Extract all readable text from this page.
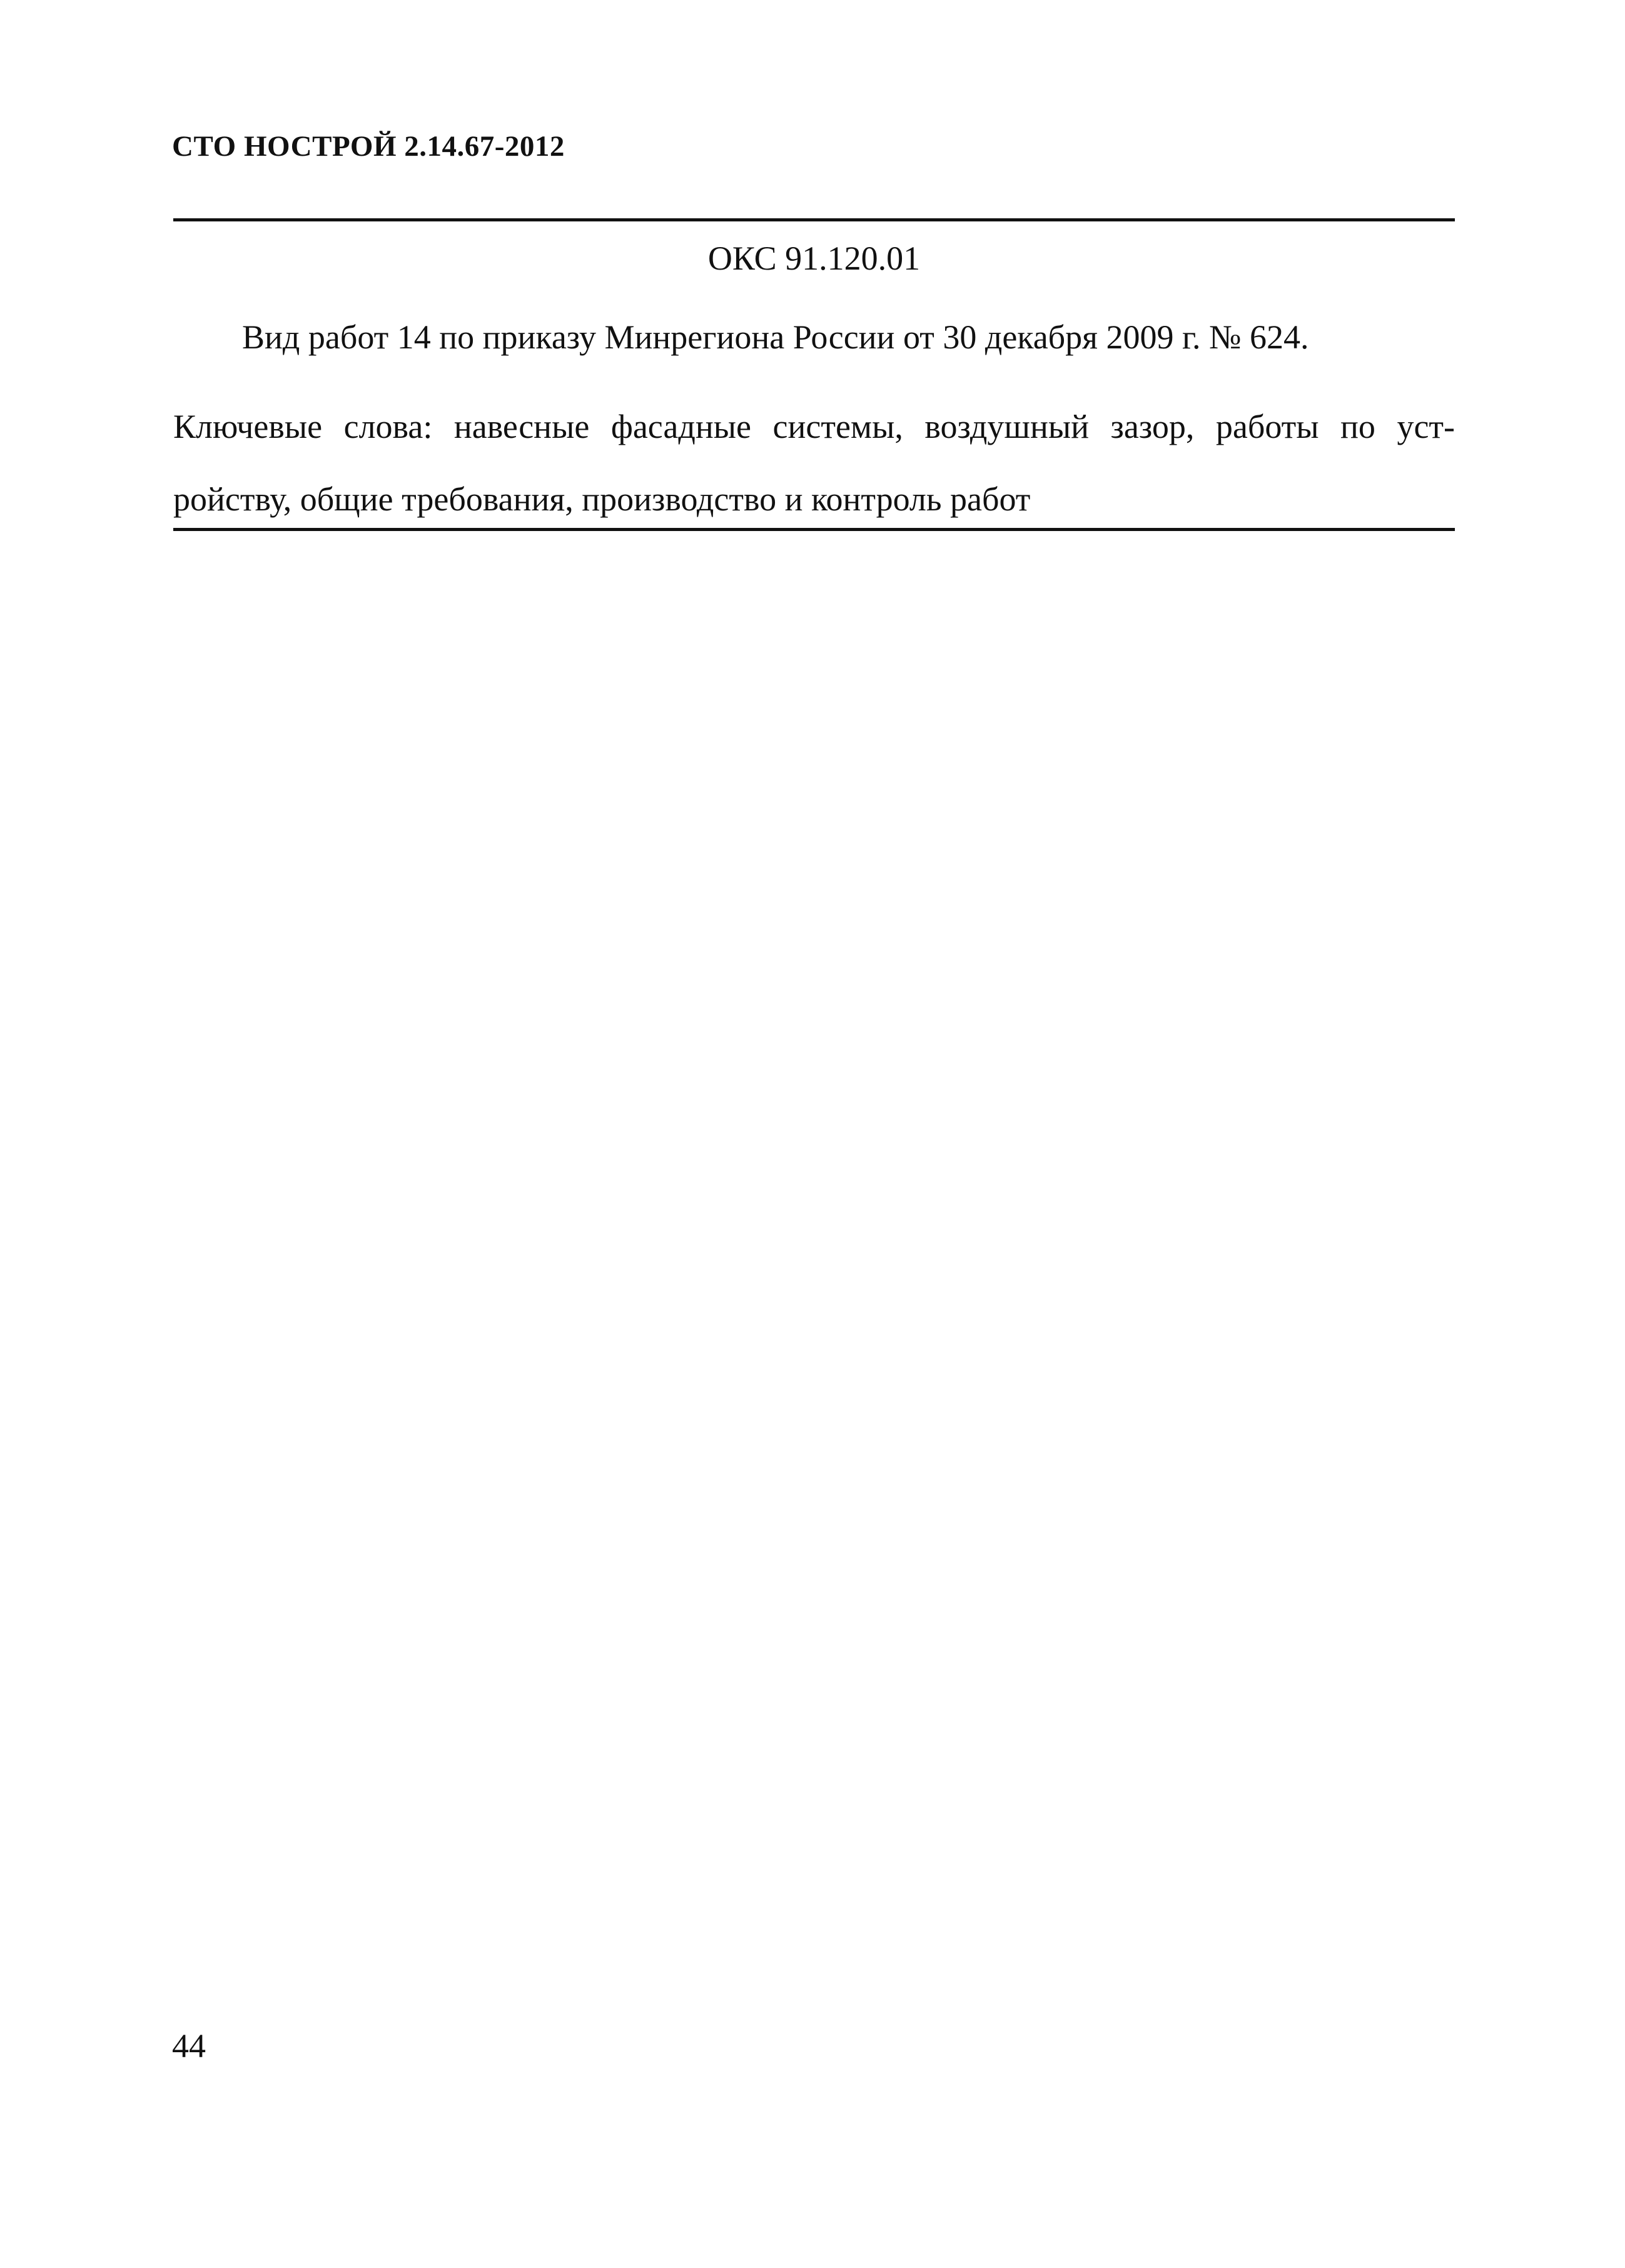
СТО НОСТРОЙ 2.14.67-2012
ОКС 91.120.01
Вид работ 14 по приказу Минрегиона России от 30 декабря 2009 г. № 624.
Ключевые слова: навесные фасадные системы, воздушный зазор, работы по уст-
ройству, общие требования, производство и контроль работ
44
